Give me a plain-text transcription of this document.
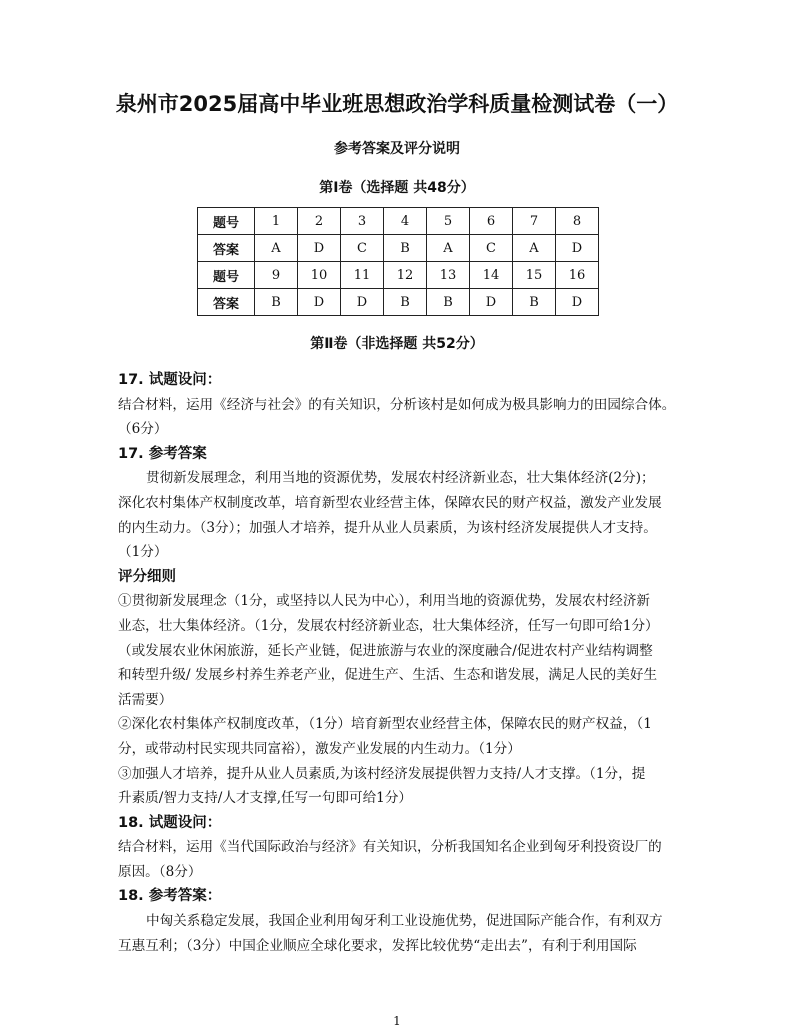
泉州市2025届高中毕业班思想政治学科质量检测试卷（一）
参考答案及评分说明
第Ⅰ卷（选择题 共48分）
题号	1	2	3	4	5	6	7	8
答案	A	D	C	B	A	C	A	D
题号	9	10	11	12	13	14	15	16
答案	B	D	D	B	B	D	B	D
第Ⅱ卷（非选择题 共52分）
17. 试题设问：
结合材料，运用《经济与社会》的有关知识，分析该村是如何成为极具影响力的田园综合体。
（6分）
17. 参考答案
贯彻新发展理念，利用当地的资源优势，发展农村经济新业态，壮大集体经济(2分)；
深化农村集体产权制度改革，培育新型农业经营主体，保障农民的财产权益，激发产业发展
的内生动力。（3分）；加强人才培养，提升从业人员素质，为该村经济发展提供人才支持。
（1分）
评分细则
①贯彻新发展理念（1分，或坚持以人民为中心），利用当地的资源优势，发展农村经济新
业态，壮大集体经济。（1分，发展农村经济新业态，壮大集体经济，任写一句即可给1分）
（或发展农业休闲旅游，延长产业链，促进旅游与农业的深度融合/促进农村产业结构调整
和转型升级/ 发展乡村养生养老产业，促进生产、生活、生态和谐发展，满足人民的美好生
活需要）
②深化农村集体产权制度改革，（1分）培育新型农业经营主体，保障农民的财产权益，（1
分，或带动村民实现共同富裕），激发产业发展的内生动力。（1分）
③加强人才培养，提升从业人员素质,为该村经济发展提供智力支持/人才支撑。（1分，提
升素质/智力支持/人才支撑,任写一句即可给1分）
18. 试题设问：
结合材料，运用《当代国际政治与经济》有关知识，分析我国知名企业到匈牙利投资设厂的
原因。（8分）
18. 参考答案：
中匈关系稳定发展，我国企业利用匈牙利工业设施优势，促进国际产能合作，有利双方
互惠互利；（3分）中国企业顺应全球化要求，发挥比较优势“走出去”，有利于利用国际
1
